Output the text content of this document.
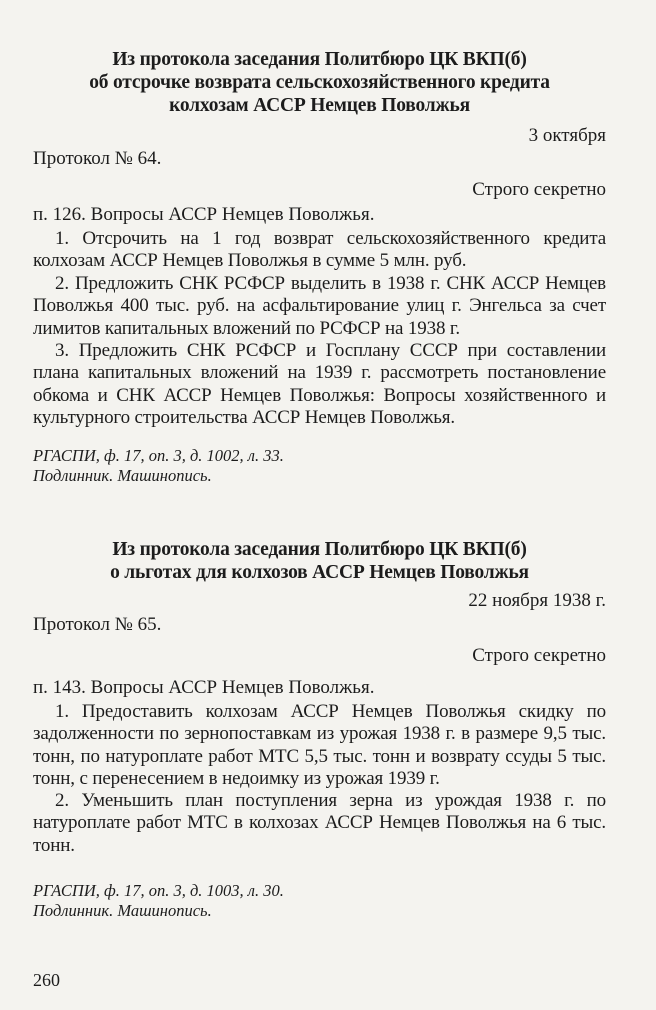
Из протокола заседания Политбюро ЦК ВКП(б)
об отсрочке возврата сельскохозяйственного кредита
колхозам АССР Немцев Поволжья
3 октября
Протокол № 64.
Строго секретно
п. 126. Вопросы АССР Немцев Поволжья.
1. Отсрочить на 1 год возврат сельскохозяйственного кредита колхозам АССР Немцев Поволжья в сумме 5 млн. руб.
2. Предложить СНК РСФСР выделить в 1938 г. СНК АССР Немцев Поволжья 400 тыс. руб. на асфальтирование улиц г. Энгельса за счет лимитов капитальных вложений по РСФСР на 1938 г.
3. Предложить СНК РСФСР и Госплану СССР при составлении плана капитальных вложений на 1939 г. рассмотреть постановление обкома и СНК АССР Немцев Поволжья: Вопросы хозяйственного и культурного строительства АССР Немцев Поволжья.
РГАСПИ, ф. 17, оп. 3, д. 1002, л. 33.
Подлинник. Машинопись.
Из протокола заседания Политбюро ЦК ВКП(б)
о льготах для колхозов АССР Немцев Поволжья
22 ноября 1938 г.
Протокол № 65.
Строго секретно
п. 143. Вопросы АССР Немцев Поволжья.
1. Предоставить колхозам АССР Немцев Поволжья скидку по задолженности по зернопоставкам из урожая 1938 г. в размере 9,5 тыс. тонн, по натуроплате работ МТС 5,5 тыс. тонн и возврату ссуды 5 тыс. тонн, с перенесением в недоимку из урожая 1939 г.
2. Уменьшить план поступления зерна из урождая 1938 г. по натуроплате работ МТС в колхозах АССР Немцев Поволжья на 6 тыс. тонн.
РГАСПИ, ф. 17, оп. 3, д. 1003, л. 30.
Подлинник. Машинопись.
260
